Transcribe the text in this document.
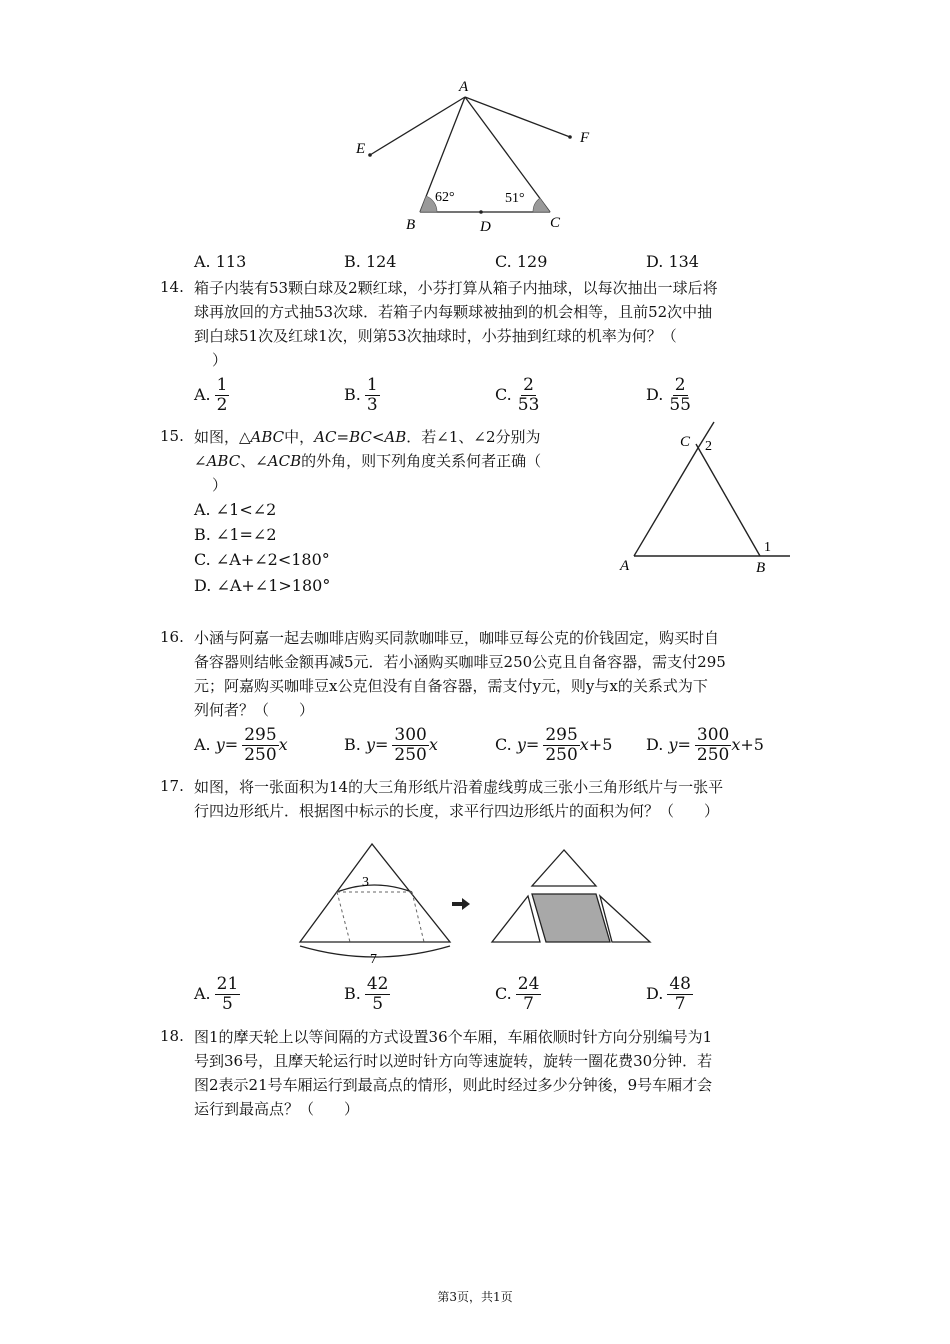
A
E
F
B	D	C
62°	51°
A. 113	B. 124	C. 129	D. 134
14. 箱子内装有53颗白球及2颗红球，小芬打算从箱子内抽球，以每次抽出一球后将
球再放回的方式抽53次球．若箱子内每颗球被抽到的机会相等，且前52次中抽
到白球51次及红球1次，则第53次抽球时，小芬抽到红球的机率为何？（
）
A. $\frac{1}{2}$	B. $\frac{1}{3}$	C. $\frac{2}{53}$	D. $\frac{2}{55}$
15. 如图，△ABC中，AC=BC<AB．若∠1、∠2分别为
∠ABC、∠ACB的外角，则下列角度关系何者正确（
）
A. ∠1<∠2
B. ∠1=∠2
C. ∠A+∠2<180°
D. ∠A+∠1>180°
C 2
A	B
1
16. 小涵与阿嘉一起去咖啡店购买同款咖啡豆，咖啡豆每公克的价钱固定，购买时自
备容器则结帐金额再减5元．若小涵购买咖啡豆250公克且自备容器，需支付295
元；阿嘉购买咖啡豆x公克但没有自备容器，需支付y元，则y与x的关系式为下
列何者？（　　）
A. $y= \frac{295}{250}$ x	B. $y= \frac{300}{250}$ x	C. $y= \frac{295}{250} x+5$ D. $y= \frac{300}{250} x+5$
17. 如图，将一张面积为14的大三角形纸片沿着虚线剪成三张小三角形纸片与一张平
行四边形纸片．根据图中标示的长度，求平行四边形纸片的面积为何？（　　）
3
7
A. $\frac{21}{5}$	B. $\frac{42}{5}$	C. $\frac{24}{7}$	D. $\frac{48}{7}$
18. 图1的摩天轮上以等间隔的方式设置36个车厢，车厢依顺时针方向分别编号为1
号到36号，且摩天轮运行时以逆时针方向等速旋转，旋转一圈花费30分钟．若
图2表示21号车厢运行到最高点的情形，则此时经过多少分钟後，9号车厢才会
运行到最高点？（　　）
第3页，共1页
